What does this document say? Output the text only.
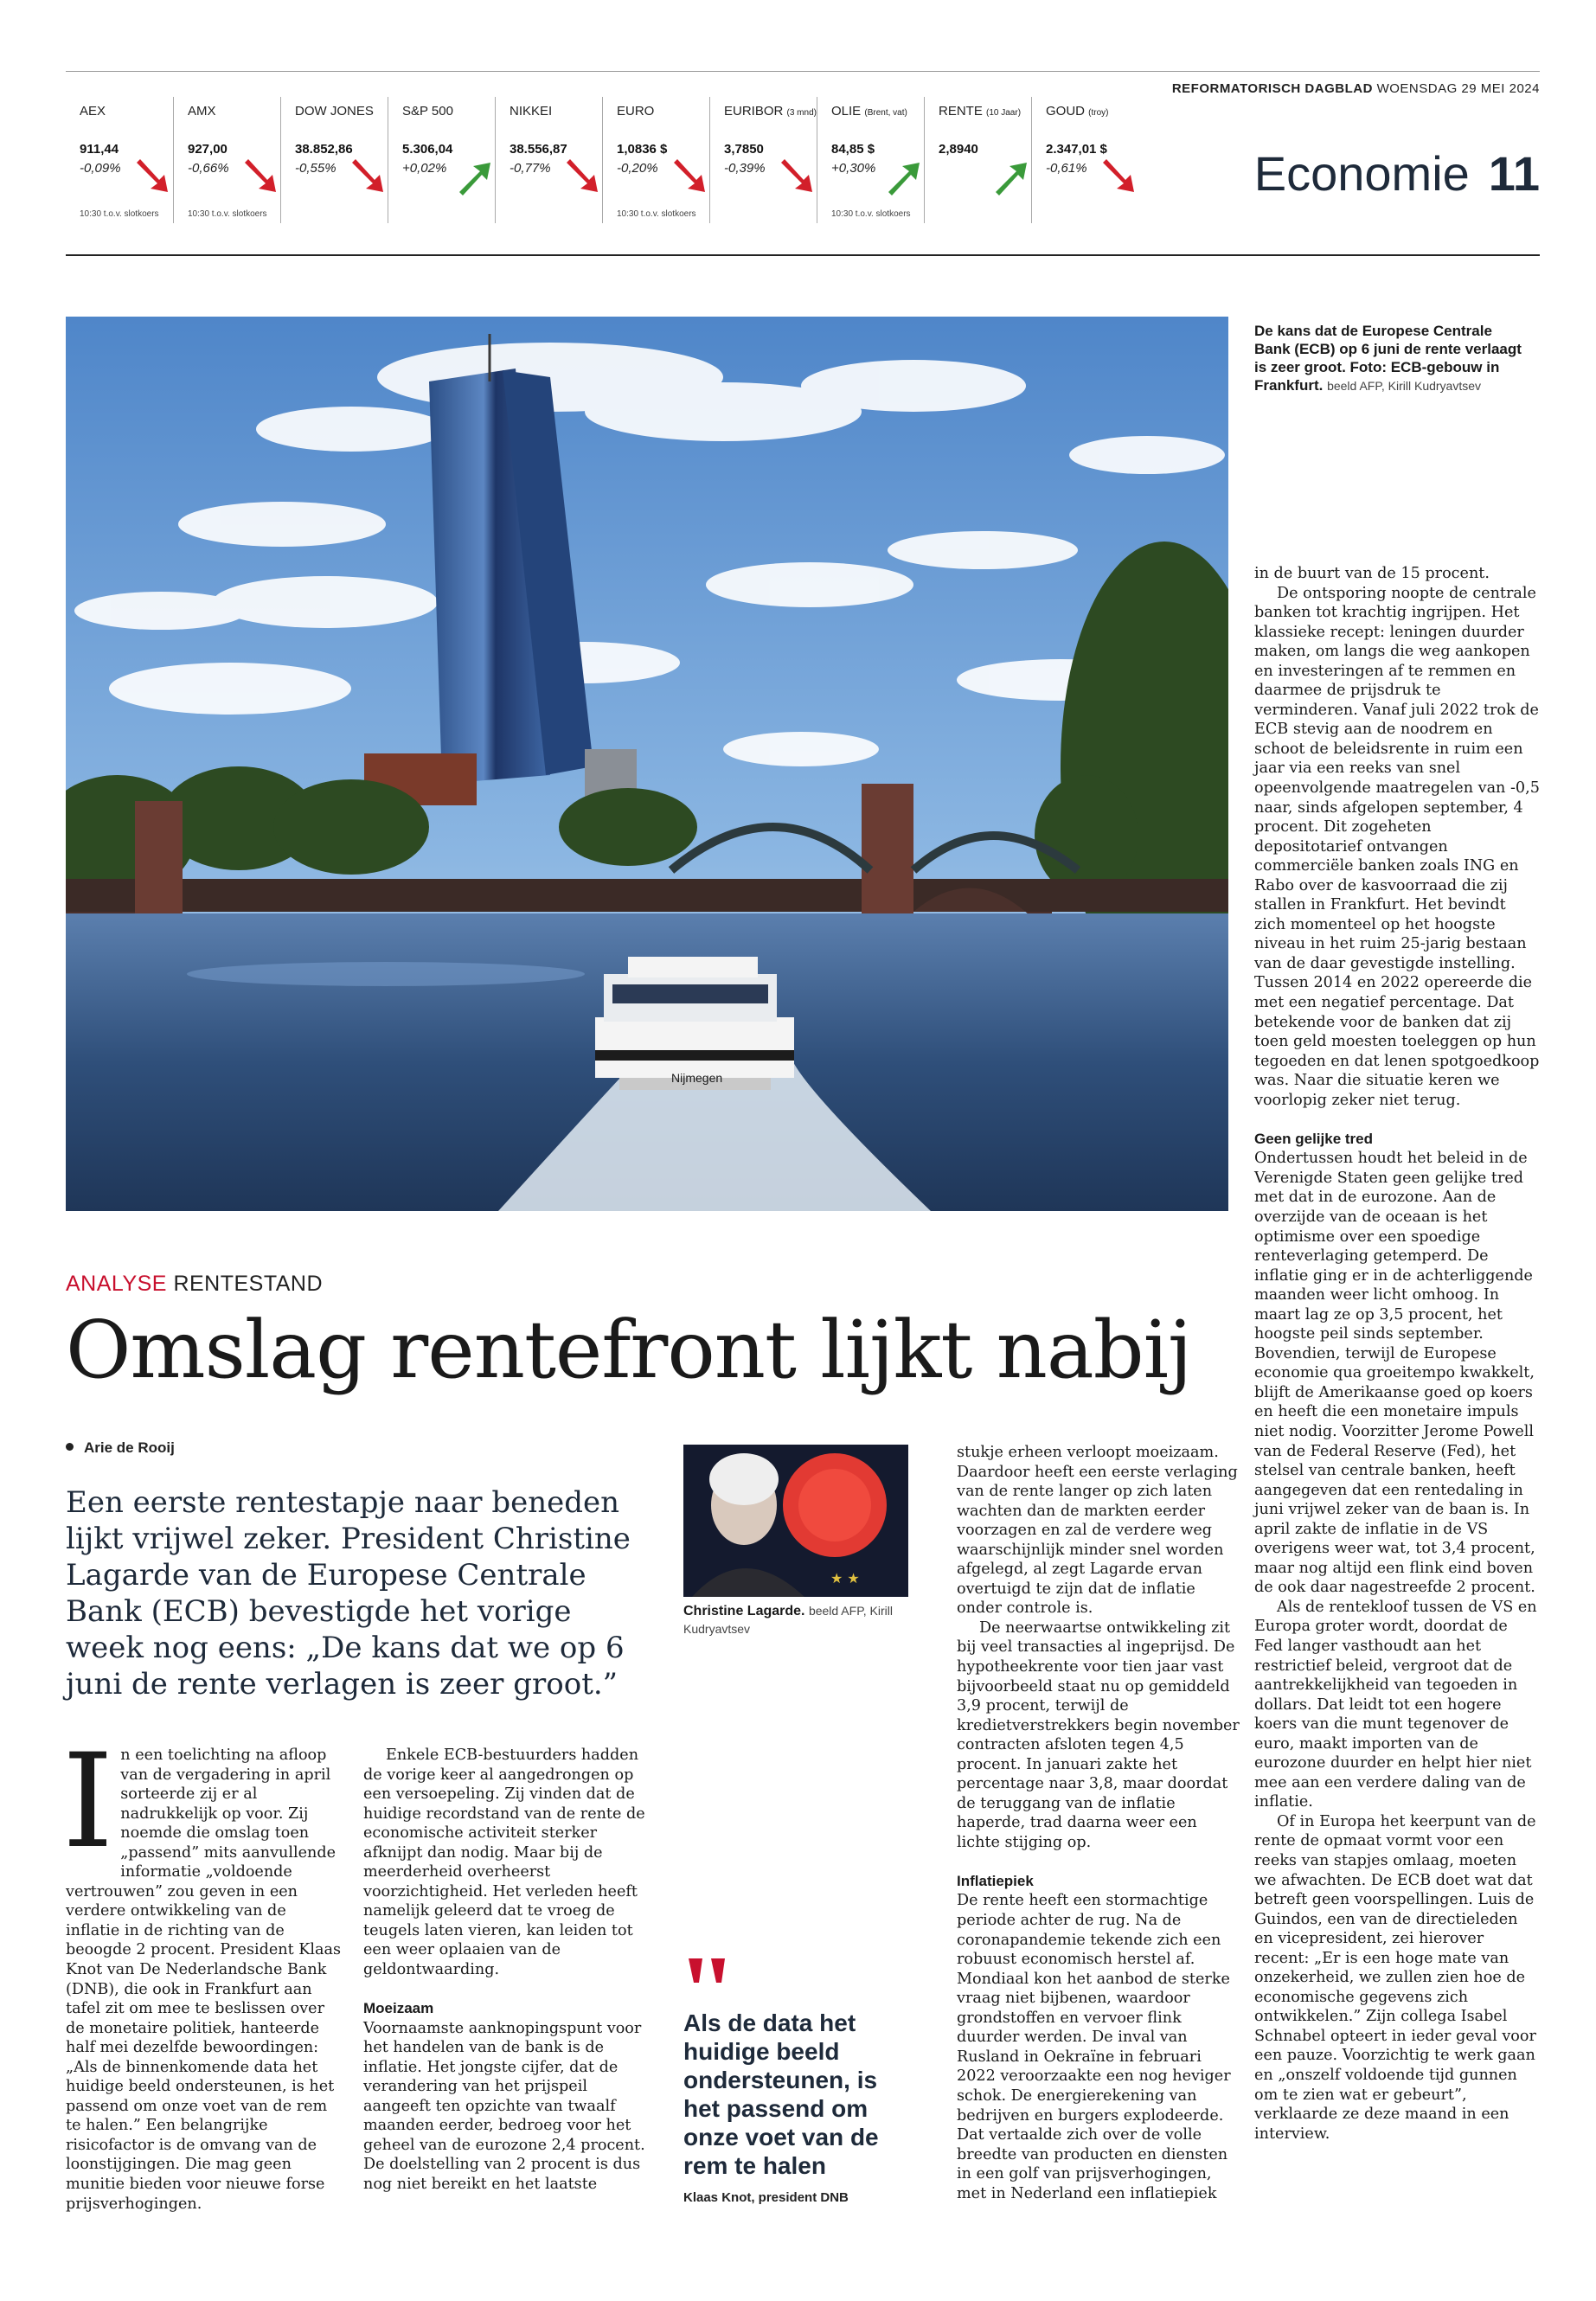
REFORMATORISCH DAGBLAD WOENSDAG 29 MEI 2024
AEX
911,44
-0,09%
10:30 t.o.v. slotkoers
AMX
927,00
-0,66%
10:30 t.o.v. slotkoers
DOW JONES
38.852,86
-0,55%
S&P 500
5.306,04
+0,02%
NIKKEI
38.556,87
-0,77%
EURO
1,0836 $
-0,20%
10:30 t.o.v. slotkoers
EURIBOR (3 mnd)
3,7850
-0,39%
OLIE (Brent, vat)
84,85 $
+0,30%
10:30 t.o.v. slotkoers
RENTE (10 Jaar)
2,8940
GOUD (troy)
2.347,01 $
-0,61%	Economie 11
Nijmegen
De kans dat de Europese Centrale Bank (ECB) op 6 juni de rente verlaagt is zeer groot. Foto: ECB-gebouw in Frankfurt. beeld AFP, Kirill Kudryavtsev
ANALYSE RENTESTAND
Omslag rentefront lijkt nabij
Arie de Rooij
Een eerste rentestapje naar beneden lijkt vrijwel zeker. President Christine Lagarde van de Europese Centrale Bank (ECB) bevestigde het vorige week nog eens: „De kans dat we op 6 juni de rente verlagen is zeer groot.”
I n een toelichting na afloop van de vergadering in april sorteerde zij er al nadrukkelijk op voor. Zij noemde die omslag toen „passend” mits aanvullende informatie „voldoende vertrouwen” zou geven in een verdere ontwikkeling van de inflatie in de richting van de beoogde 2 procent. President Klaas Knot van De Nederlandsche Bank (DNB), die ook in Frankfurt aan tafel zit om mee te beslissen over de monetaire politiek, hanteerde half mei dezelfde bewoordingen: „Als de binnenkomende data het huidige beeld ondersteunen, is het passend om onze voet van de rem te halen.” Een belangrijke risicofactor is de omvang van de loonstijgingen. Die mag geen munitie bieden voor nieuwe forse prijsverhogingen.

Enkele ECB-bestuurders hadden de vorige keer al aangedrongen op een versoepeling. Zij vinden dat de huidige recordstand van de rente de economische activiteit sterker afknijpt dan nodig. Maar bij de meerderheid overheerst voorzichtigheid. Het verleden heeft namelijk geleerd dat te vroeg de teugels laten vieren, kan leiden tot een weer oplaaien van de geldontwaarding.

Moeizaam

Voornaamste aanknopingspunt voor het handelen van de bank is de inflatie. Het jongste cijfer, dat de verandering van het prijspeil aangeeft ten opzichte van twaalf maanden eerder, bedroeg voor het geheel van de eurozone 2,4 procent. De doelstelling van 2 procent is dus nog niet bereikt en het laatste

★ ★
Christine Lagarde. beeld AFP, Kirill Kudryavtsev
Als de data het huidige beeld ondersteunen, is het passend om onze voet van de rem te halen
Klaas Knot, president DNB

stukje erheen verloopt moeizaam. Daardoor heeft een eerste verlaging van de rente langer op zich laten wachten dan de markten eerder voorzagen en zal de verdere weg waarschijnlijk minder snel worden afgelegd, al zegt Lagarde ervan overtuigd te zijn dat de inflatie onder controle is.

De neerwaartse ontwikkeling zit bij veel transacties al ingeprijsd. De hypotheekrente voor tien jaar vast bijvoorbeeld staat nu op gemiddeld 3,9 procent, terwijl de kredietverstrekkers begin november contracten afsloten tegen 4,5 procent. In januari zakte het percentage naar 3,8, maar doordat de teruggang van de inflatie haperde, trad daarna weer een lichte stijging op.

Inflatiepiek

De rente heeft een stormachtige periode achter de rug. Na de coronapandemie tekende zich een robuust economisch herstel af. Mondiaal kon het aanbod de sterke vraag niet bijbenen, waardoor grondstoffen en vervoer flink duurder werden. De inval van Rusland in Oekraïne in februari 2022 veroorzaakte een nog heviger schok. De energierekening van bedrijven en burgers explodeerde. Dat vertaalde zich over de volle breedte van producten en diensten in een golf van prijsverhogingen, met in Nederland een inflatiepiek

in de buurt van de 15 procent.

De ontsporing noopte de centrale banken tot krachtig ingrijpen. Het klassieke recept: leningen duurder maken, om langs die weg aankopen en investeringen af te remmen en daarmee de prijsdruk te verminderen. Vanaf juli 2022 trok de ECB stevig aan de noodrem en schoot de beleidsrente in ruim een jaar via een reeks van snel opeenvolgende maatregelen van -0,5 naar, sinds afgelopen september, 4 procent. Dit zogeheten depositotarief ontvangen commerciële banken zoals ING en Rabo over de kasvoorraad die zij stallen in Frankfurt. Het bevindt zich momenteel op het hoogste niveau in het ruim 25-jarig bestaan van de daar gevestigde instelling. Tussen 2014 en 2022 opereerde die met een negatief percentage. Dat betekende voor de banken dat zij toen geld moesten toeleggen op hun tegoeden en dat lenen spotgoedkoop was. Naar die situatie keren we voorlopig zeker niet terug.

Geen gelijke tred

Ondertussen houdt het beleid in de Verenigde Staten geen gelijke tred met dat in de eurozone. Aan de overzijde van de oceaan is het optimisme over een spoedige renteverlaging getemperd. De inflatie ging er in de achterliggende maanden weer licht omhoog. In maart lag ze op 3,5 procent, het hoogste peil sinds september. Bovendien, terwijl de Europese economie qua groeitempo kwakkelt, blijft de Amerikaanse goed op koers en heeft die een monetaire impuls niet nodig. Voorzitter Jerome Powell van de Federal Reserve (Fed), het stelsel van centrale banken, heeft aangegeven dat een rentedaling in juni vrijwel zeker van de baan is. In april zakte de inflatie in de VS overigens weer wat, tot 3,4 procent, maar nog altijd een flink eind boven de ook daar nagestreefde 2 procent.

Als de rentekloof tussen de VS en Europa groter wordt, doordat de Fed langer vasthoudt aan het restrictief beleid, vergroot dat de aantrekkelijkheid van tegoeden in dollars. Dat leidt tot een hogere koers van die munt tegenover de euro, maakt importen van de eurozone duurder en helpt hier niet mee aan een verdere daling van de inflatie.

Of in Europa het keerpunt van de rente de opmaat vormt voor een reeks van stapjes omlaag, moeten we afwachten. De ECB doet wat dat betreft geen voorspellingen. Luis de Guindos, een van de directieleden en vicepresident, zei hierover recent: „Er is een hoge mate van onzekerheid, we zullen zien hoe de economische gegevens zich ontwikkelen.” Zijn collega Isabel Schnabel opteert in ieder geval voor een pauze. Voorzichtig te werk gaan en „onszelf voldoende tijd gunnen om te zien wat er gebeurt”, verklaarde ze deze maand in een interview.
